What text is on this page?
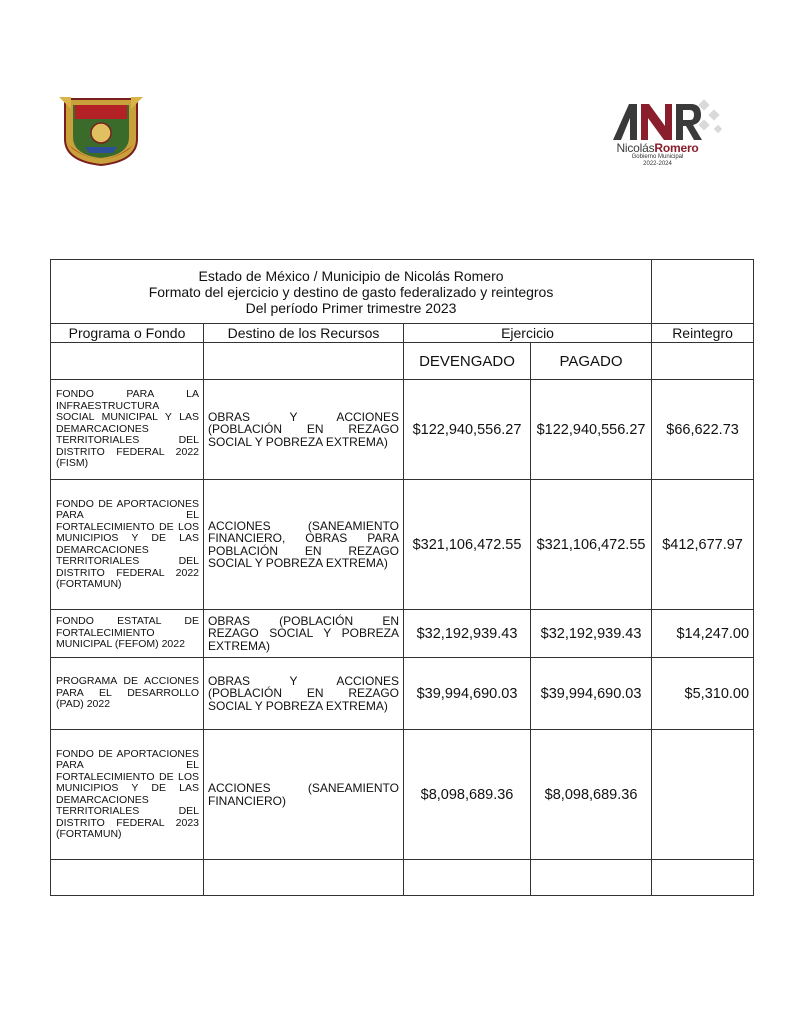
NicolásRomero
Gobierno Municipal
2022-2024
Estado de México / Municipio de Nicolás Romero
Formato del ejercicio y destino de gasto federalizado y reintegros
Del período Primer trimestre 2023				

Programa o Fondo	Destino de los Recursos	Ejercicio		Reintegro
		DEVENGADO	PAGADO	
FONDO PARA LA INFRAESTRUCTURA SOCIAL MUNICIPAL Y LAS DEMARCACIONES TERRITORIALES DEL DISTRITO FEDERAL 2022 (FISM)	OBRAS Y ACCIONES (POBLACIÓN EN REZAGO SOCIAL Y POBREZA EXTREMA)	$122,940,556.27	$122,940,556.27	$66,622.73
FONDO DE APORTACIONES PARA EL FORTALECIMIENTO DE LOS MUNICIPIOS Y DE LAS DEMARCACIONES TERRITORIALES DEL DISTRITO FEDERAL 2022 (FORTAMUN)	ACCIONES (SANEAMIENTO FINANCIERO, OBRAS PARA POBLACIÓN EN REZAGO SOCIAL Y POBREZA EXTREMA)	$321,106,472.55	$321,106,472.55	$412,677.97
FONDO ESTATAL DE FORTALECIMIENTO MUNICIPAL (FEFOM) 2022	OBRAS (POBLACIÓN EN REZAGO SOCIAL Y POBREZA EXTREMA)	$32,192,939.43	$32,192,939.43	$14,247.00
PROGRAMA DE ACCIONES PARA EL DESARROLLO (PAD) 2022	OBRAS Y ACCIONES (POBLACIÓN EN REZAGO SOCIAL Y POBREZA EXTREMA)	$39,994,690.03	$39,994,690.03	$5,310.00
FONDO DE APORTACIONES PARA EL FORTALECIMIENTO DE LOS MUNICIPIOS Y DE LAS DEMARCACIONES TERRITORIALES DEL DISTRITO FEDERAL 2023 (FORTAMUN)	ACCIONES (SANEAMIENTO FINANCIERO)	$8,098,689.36	$8,098,689.36	
